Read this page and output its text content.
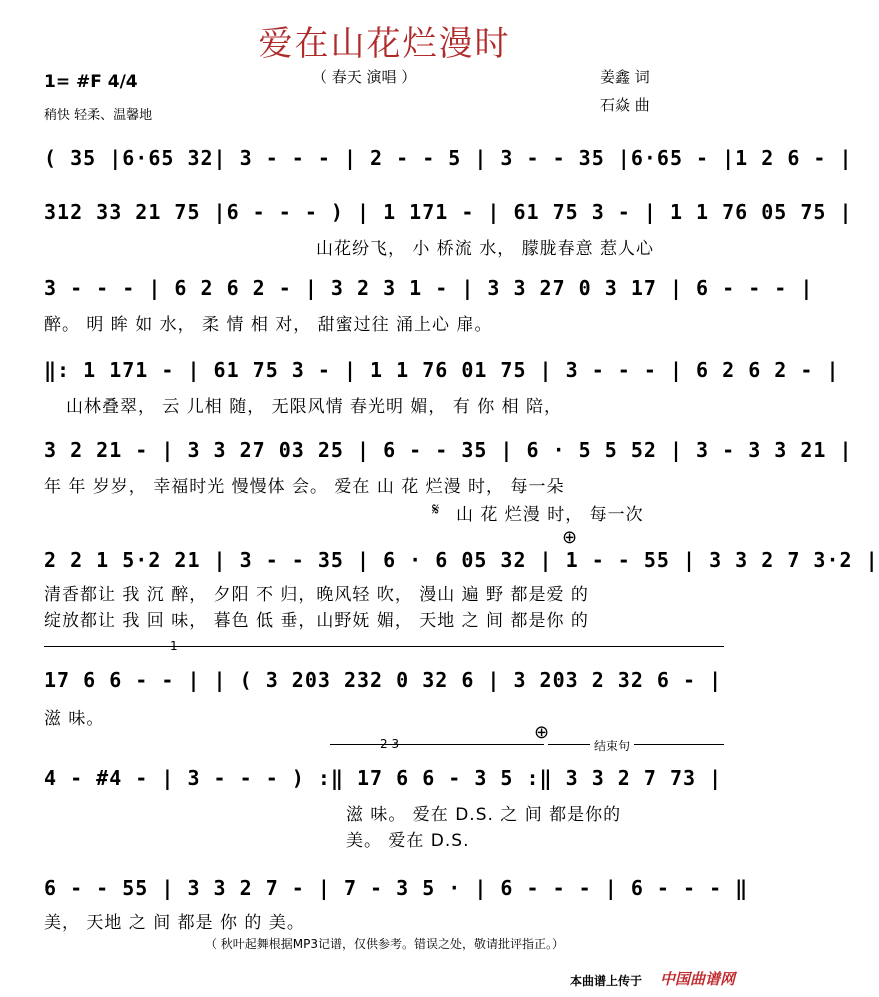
爱在山花烂漫时
（ 春天 演唱 ）
1= #F 4/4
稍快 轻柔、温馨地
姜鑫 词
石焱 曲
( 35 |6·65 32| 3 - - - | 2 - - 5 | 3 - - 35 |6·65 - |1 2 6 - |
312 33 21 75 |6 - - - ) | 1 171 - | 61 75 3 - | 1 1 76 05 75 |
山花纷飞， 小 桥流 水， 朦胧春意 惹人心
3 - - - | 6 2 6 2 - | 3 2 3 1 - | 3 3 27 0 3 17 | 6 - - - |
醉。 明 眸 如 水， 柔 情 相 对， 甜蜜过往 涌上心 扉。
‖: 1 171 - | 61 75 3 - | 1 1 76 01 75 | 3 - - - | 6 2 6 2 - |
山林叠翠， 云 儿相 随， 无限风情 春光明 媚， 有 你 相 陪，
3 2 21 - | 3 3 27 03 25 | 6 - - 35 | 6 · 5 5 52 | 3 - 3 3 21 |
年 年 岁岁， 幸福时光 慢慢体 会。 爱在 山 花 烂漫 时， 每一朵
山 花 烂漫 时， 每一次
𝄋
⊕
2 2 1 5·2 21 | 3 - - 35 | 6 · 6 05 32 | 1 - - 55 | 3 3 2 7 3·2 |
清香都让 我 沉 醉， 夕阳 不 归，晚风轻 吹， 漫山 遍 野 都是爱 的
绽放都让 我 回 味， 暮色 低 垂，山野妩 媚， 天地 之 间 都是你 的
1
17 6 6 - - | | ( 3 203 232 0 32 6 | 3 203 2 32 6 - |
滋 味。
2 3
⊕
结束句
4 - #4 - | 3 - - - ) :‖ 17 6 6 - 3 5 :‖ 3 3 2 7 73 |
滋 味。 爱在 D.S. 之 间 都是你的
美。 爱在 D.S.
6 - - 55 | 3 3 2 7 - | 7 - 3 5 · | 6 - - - | 6 - - - ‖
美， 天地 之 间 都是 你 的 美。
（ 秋叶起舞根据MP3记谱，仅供参考。错误之处，敬请批评指正。）
本曲谱上传于 中国曲谱网
